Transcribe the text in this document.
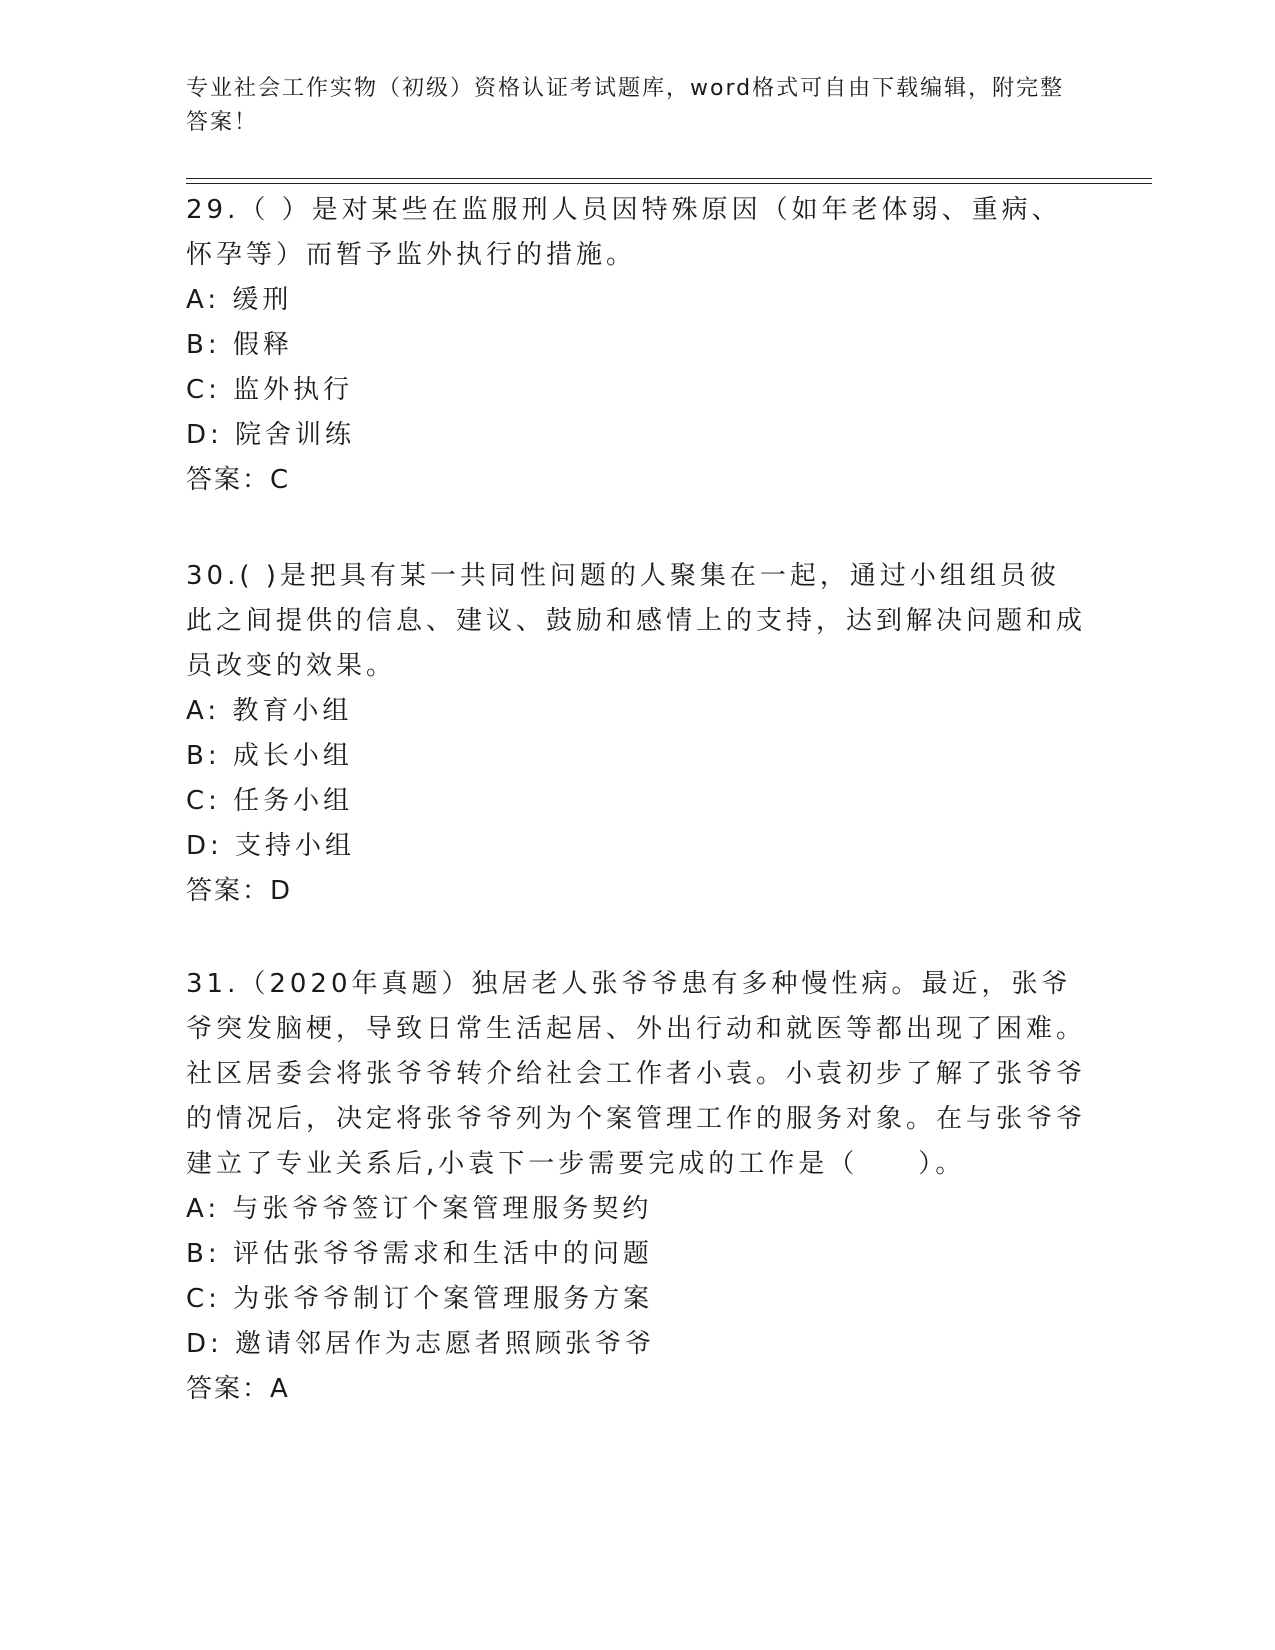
专业社会工作实物（初级）资格认证考试题库，word格式可自由下载编辑，附完整答案！

29.（ ）是对某些在监服刑人员因特殊原因（如年老体弱、重病、怀孕等）而暂予监外执行的措施。

A: 缓刑

B: 假释

C: 监外执行

D: 院舍训练

答案：C

30.( )是把具有某一共同性问题的人聚集在一起，通过小组组员彼此之间提供的信息、建议、鼓励和感情上的支持，达到解决问题和成员改变的效果。

A: 教育小组

B: 成长小组

C: 任务小组

D: 支持小组

答案：D

31.（2020年真题）独居老人张爷爷患有多种慢性病。最近，张爷爷突发脑梗，导致日常生活起居、外出行动和就医等都出现了困难。社区居委会将张爷爷转介给社会工作者小袁。小袁初步了解了张爷爷的情况后，决定将张爷爷列为个案管理工作的服务对象。在与张爷爷建立了专业关系后,小袁下一步需要完成的工作是（　　）。

A: 与张爷爷签订个案管理服务契约

B: 评估张爷爷需求和生活中的问题

C: 为张爷爷制订个案管理服务方案

D: 邀请邻居作为志愿者照顾张爷爷

答案：A
